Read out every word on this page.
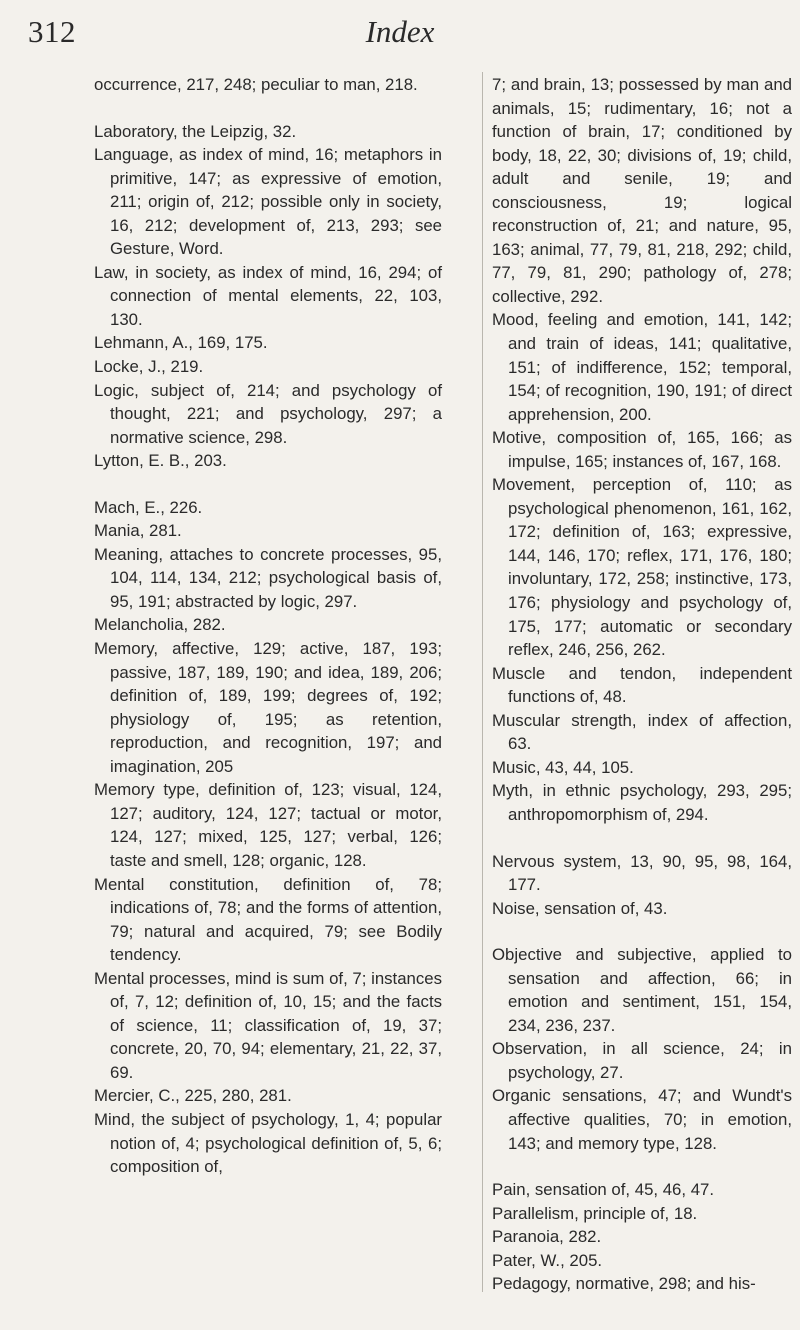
312	Index

occurrence, 217, 248; peculiar to man, 218.

Laboratory, the Leipzig, 32.

Language, as index of mind, 16; metaphors in primitive, 147; as expressive of emotion, 211; origin of, 212; possible only in society, 16, 212; development of, 213, 293; see Gesture, Word.

Law, in society, as index of mind, 16, 294; of connection of mental elements, 22, 103, 130.

Lehmann, A., 169, 175.

Locke, J., 219.

Logic, subject of, 214; and psychology of thought, 221; and psychology, 297; a normative science, 298.

Lytton, E. B., 203.

Mach, E., 226.

Mania, 281.

Meaning, attaches to concrete processes, 95, 104, 114, 134, 212; psychological basis of, 95, 191; abstracted by logic, 297.

Melancholia, 282.

Memory, affective, 129; active, 187, 193; passive, 187, 189, 190; and idea, 189, 206; definition of, 189, 199; degrees of, 192; physiology of, 195; as retention, reproduction, and recognition, 197; and imagination, 205

Memory type, definition of, 123; visual, 124, 127; auditory, 124, 127; tactual or motor, 124, 127; mixed, 125, 127; verbal, 126; taste and smell, 128; organic, 128.

Mental constitution, definition of, 78; indications of, 78; and the forms of attention, 79; natural and acquired, 79; see Bodily tendency.

Mental processes, mind is sum of, 7; instances of, 7, 12; definition of, 10, 15; and the facts of science, 11; classification of, 19, 37; concrete, 20, 70, 94; elementary, 21, 22, 37, 69.

Mercier, C., 225, 280, 281.

Mind, the subject of psychology, 1, 4; popular notion of, 4; psychological definition of, 5, 6; composition of,

7; and brain, 13; possessed by man and animals, 15; rudimentary, 16; not a function of brain, 17; conditioned by body, 18, 22, 30; divisions of, 19; child, adult and senile, 19; and consciousness, 19; logical reconstruction of, 21; and nature, 95, 163; animal, 77, 79, 81, 218, 292; child, 77, 79, 81, 290; pathology of, 278; collective, 292.

Mood, feeling and emotion, 141, 142; and train of ideas, 141; qualitative, 151; of indifference, 152; temporal, 154; of recognition, 190, 191; of direct apprehension, 200.

Motive, composition of, 165, 166; as impulse, 165; instances of, 167, 168.

Movement, perception of, 110; as psychological phenomenon, 161, 162, 172; definition of, 163; expressive, 144, 146, 170; reflex, 171, 176, 180; involuntary, 172, 258; instinctive, 173, 176; physiology and psychology of, 175, 177; automatic or secondary reflex, 246, 256, 262.

Muscle and tendon, independent functions of, 48.

Muscular strength, index of affection, 63.

Music, 43, 44, 105.

Myth, in ethnic psychology, 293, 295; anthropomorphism of, 294.

Nervous system, 13, 90, 95, 98, 164, 177.

Noise, sensation of, 43.

Objective and subjective, applied to sensation and affection, 66; in emotion and sentiment, 151, 154, 234, 236, 237.

Observation, in all science, 24; in psychology, 27.

Organic sensations, 47; and Wundt's affective qualities, 70; in emotion, 143; and memory type, 128.

Pain, sensation of, 45, 46, 47.

Parallelism, principle of, 18.

Paranoia, 282.

Pater, W., 205.

Pedagogy, normative, 298; and his-
